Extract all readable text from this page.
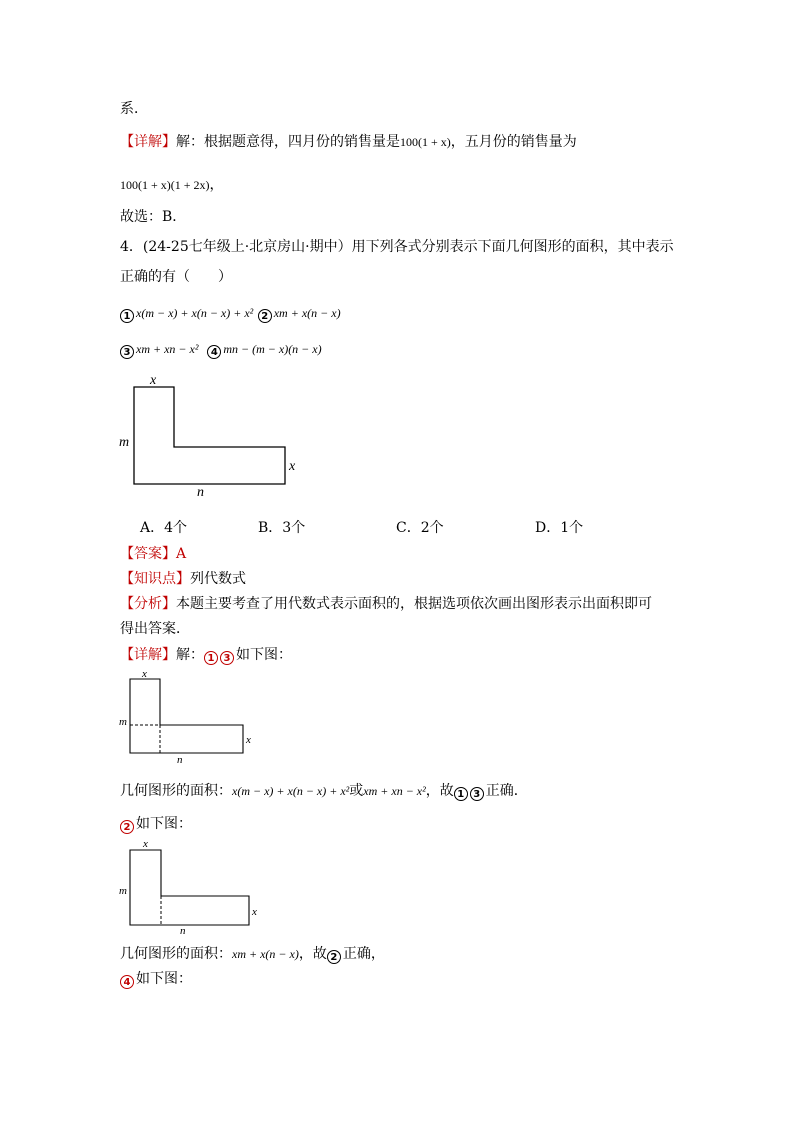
系．
【详解】解：根据题意得，四月份的销售量是100(1 + x)，五月份的销售量为
100(1 + x)(1 + 2x)，
故选：B．
4．(24-25七年级上·北京房山·期中）用下列各式分别表示下面几何图形的面积，其中表示
正确的有（　　）
1 x(m − x) + x(n − x) + x² 2 xm + x(n − x)
3 xm + xn − x² 4 mn − (m − x)(n − x)
x
m
x
n
A．4个	B．3个	C．2个	D．1个
【答案】A
【知识点】列代数式
【分析】本题主要考查了用代数式表示面积的，根据选项依次画出图形表示出面积即可
得出答案．
【详解】解： 1 3 如下图：
x
m
x
n
几何图形的面积：x(m − x) + x(n − x) + x²或xm + xn − x²，故 1 3 正确．
2 如下图：
x
m
x
n
几何图形的面积：xm + x(n − x)，故 2 正确，
4 如下图：
